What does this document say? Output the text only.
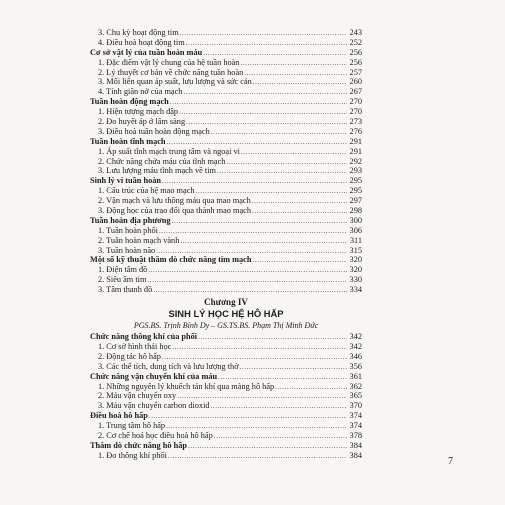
3. Chu kỳ hoạt động tim .....	243
4. Điều hoà hoạt động tim .....	252
Cơ sở vật lý của tuần hoàn máu .....	256
1. Đặc điểm vật lý chung của hệ tuần hoàn .....	256
2. Lý thuyết cơ bản về chức năng tuần hoàn .....	257
3. Mối liên quan áp suất, lưu lượng và sức cản .....	260
4. Tính giãn nở của mạch .....	267
Tuần hoàn động mạch .....	270
1. Hiện tượng mạch đập .....	270
2. Đo huyết áp ở lâm sàng .....	273
3. Điều hoà tuần hoàn động mạch .....	276
Tuần hoàn tĩnh mạch .....	291
1. Áp suất tĩnh mạch trung tâm và ngoại vi .....	291
2. Chức năng chứa máu của tĩnh mạch .....	292
3. Lưu lượng máu tĩnh mạch về tim .....	293
Sinh lý vi tuần hoàn .....	295
1. Cấu trúc của hệ mao mạch .....	295
2. Vận mạch và lưu thông máu qua mao mạch .....	297
3. Động học của trao đổi qua thành mao mạch .....	298
Tuần hoàn địa phương .....	300
1. Tuần hoàn phổi .....	306
2. Tuần hoàn mạch vành .....	311
3. Tuần hoàn não .....	315
Một số kỹ thuật thăm dò chức năng tim mạch .....	320
1. Điện tâm đồ .....	320
2. Siêu âm tim .....	330
3. Tâm thanh đồ .....	334
Chương IV
SINH LÝ HỌC HỆ HÔ HẤP
PGS.BS. Trịnh Bỉnh Dy – GS.TS.BS. Phạm Thị Minh Đức
Chức năng thông khí của phổi .....	342
1. Cơ sở hình thái học .....	342
2. Động tác hô hấp .....	346
3. Các thể tích, dung tích và lưu lượng thở .....	356
Chức năng vận chuyển khí của máu .....	361
1. Những nguyên lý khuếch tán khí qua màng hô hấp .....	362
2. Máu vận chuyển oxy .....	365
3. Máu vận chuyển carbon dioxid .....	370
Điều hoà hô hấp .....	374
1. Trung tâm hô hấp .....	374
2. Cơ chế hoá học điều hoà hô hấp .....	378
Thăm dò chức năng hô hấp .....	384
1. Đo thông khí phổi .....	384
7
